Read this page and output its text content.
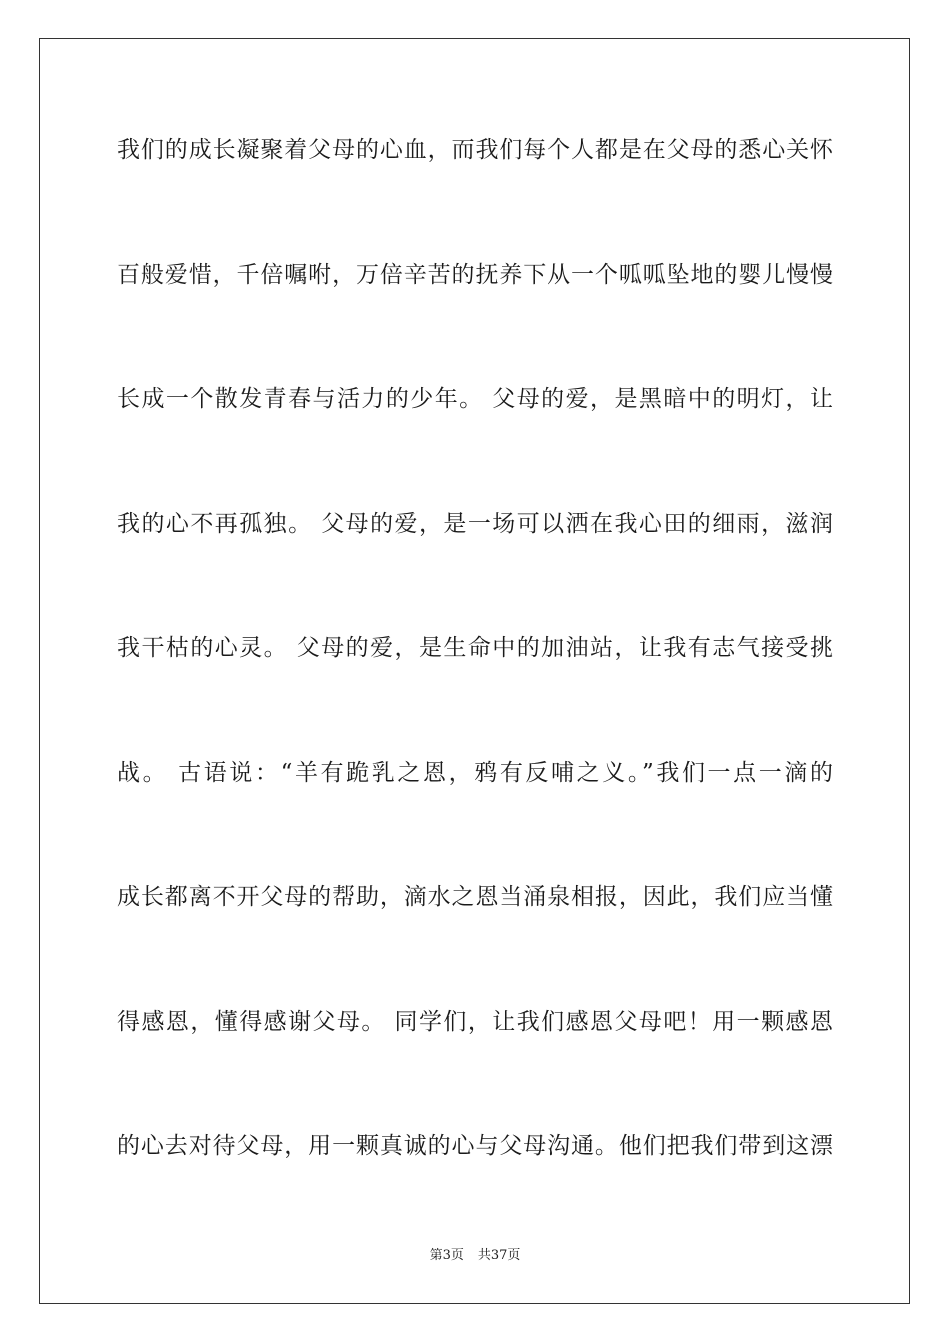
我们的成长凝聚着父母的心血，而我们每个人都是在父母的悉心关怀
百般爱惜，千倍嘱咐，万倍辛苦的抚养下从一个呱呱坠地的婴儿慢慢
长成一个散发青春与活力的少年。 父母的爱，是黑暗中的明灯，让
我的心不再孤独。 父母的爱，是一场可以洒在我心田的细雨，滋润
我干枯的心灵。 父母的爱，是生命中的加油站，让我有志气接受挑
战。 古语说：“羊有跪乳之恩，鸦有反哺之义。”我们一点一滴的
成长都离不开父母的帮助，滴水之恩当涌泉相报，因此，我们应当懂
得感恩，懂得感谢父母。 同学们，让我们感恩父母吧！用一颗感恩
的心去对待父母，用一颗真诚的心与父母沟通。他们把我们带到这漂
第3页 共37页
